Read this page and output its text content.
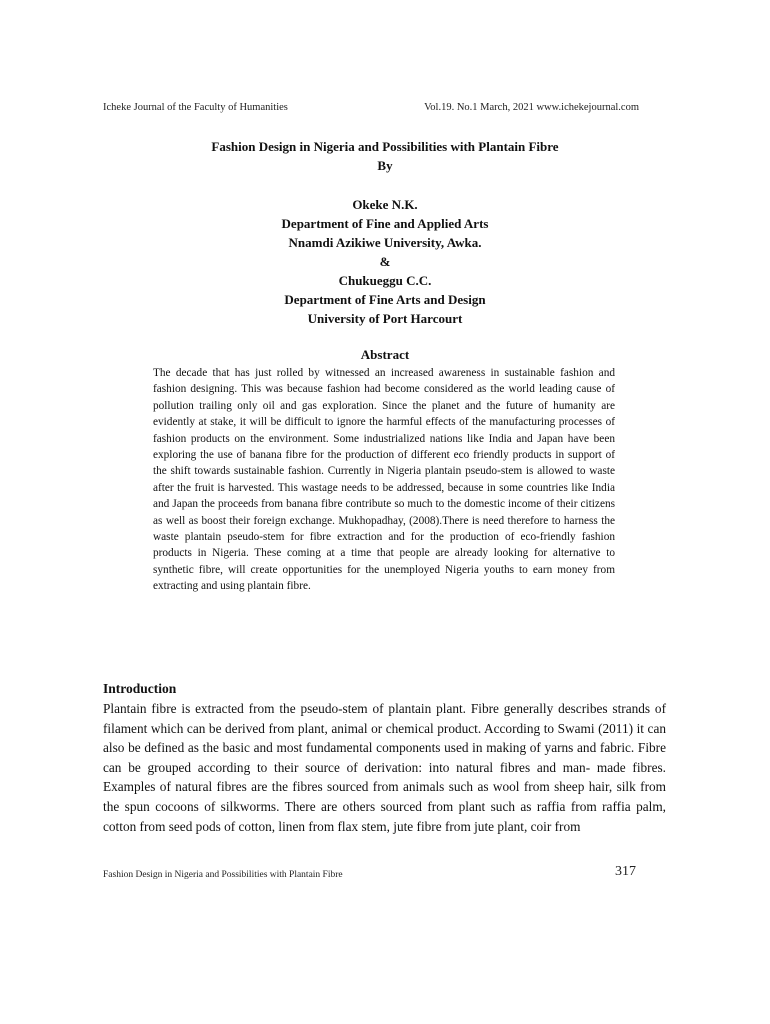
Icheke Journal of the Faculty of Humanities	Vol.19. No.1 March, 2021 www.ichekejournal.com
Fashion Design in Nigeria and Possibilities with Plantain Fibre
By
Okeke N.K.
Department of Fine and Applied Arts
Nnamdi Azikiwe University, Awka.
&
Chukueggu C.C.
Department of Fine Arts and Design
University of Port Harcourt
Abstract
The decade that has just rolled by witnessed an increased awareness in sustainable fashion and fashion designing. This was because fashion had become considered as the world leading cause of pollution trailing only oil and gas exploration. Since the planet and the future of humanity are evidently at stake, it will be difficult to ignore the harmful effects of the manufacturing processes of fashion products on the environment. Some industrialized nations like India and Japan have been exploring the use of banana fibre for the production of different eco friendly products in support of the shift towards sustainable fashion. Currently in Nigeria plantain pseudo-stem is allowed to waste after the fruit is harvested. This wastage needs to be addressed, because in some countries like India and Japan the proceeds from banana fibre contribute so much to the domestic income of their citizens as well as boost their foreign exchange. Mukhopadhay, (2008).There is need therefore to harness the waste plantain pseudo-stem for fibre extraction and for the production of eco-friendly fashion products in Nigeria. These coming at a time that people are already looking for alternative to synthetic fibre, will create opportunities for the unemployed Nigeria youths to earn money from extracting and using plantain fibre.
Introduction
Plantain fibre is extracted from the pseudo-stem of plantain plant. Fibre generally describes strands of filament which can be derived from plant, animal or chemical product. According to Swami (2011) it can also be defined as the basic and most fundamental components used in making of yarns and fabric. Fibre can be grouped according to their source of derivation: into natural fibres and man- made fibres. Examples of natural fibres are the fibres sourced from animals such as wool from sheep hair, silk from the spun cocoons of silkworms. There are others sourced from plant such as raffia from raffia palm, cotton from seed pods of cotton, linen from flax stem, jute fibre from jute plant, coir from
Fashion Design in Nigeria and Possibilities with Plantain Fibre	317
